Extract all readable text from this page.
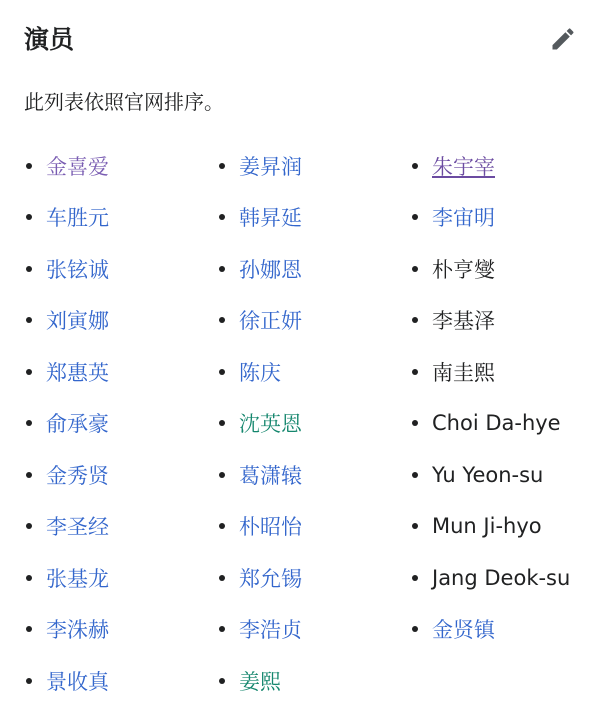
演员
此列表依照官网排序。
金喜爱
车胜元
张铉诚
刘寅娜
郑惠英
俞承豪
金秀贤
李圣经
张基龙
李洙赫
景收真
姜昇润
韩昇延
孙娜恩
徐正妍
陈庆
沈英恩
葛潇辕
朴昭怡
郑允锡
李浩贞
姜熙
朱宇宰
李宙明
朴亨燮
李基泽
南圭熙
Choi Da-hye
Yu Yeon-su
Mun Ji-hyo
Jang Deok-su
金贤镇
